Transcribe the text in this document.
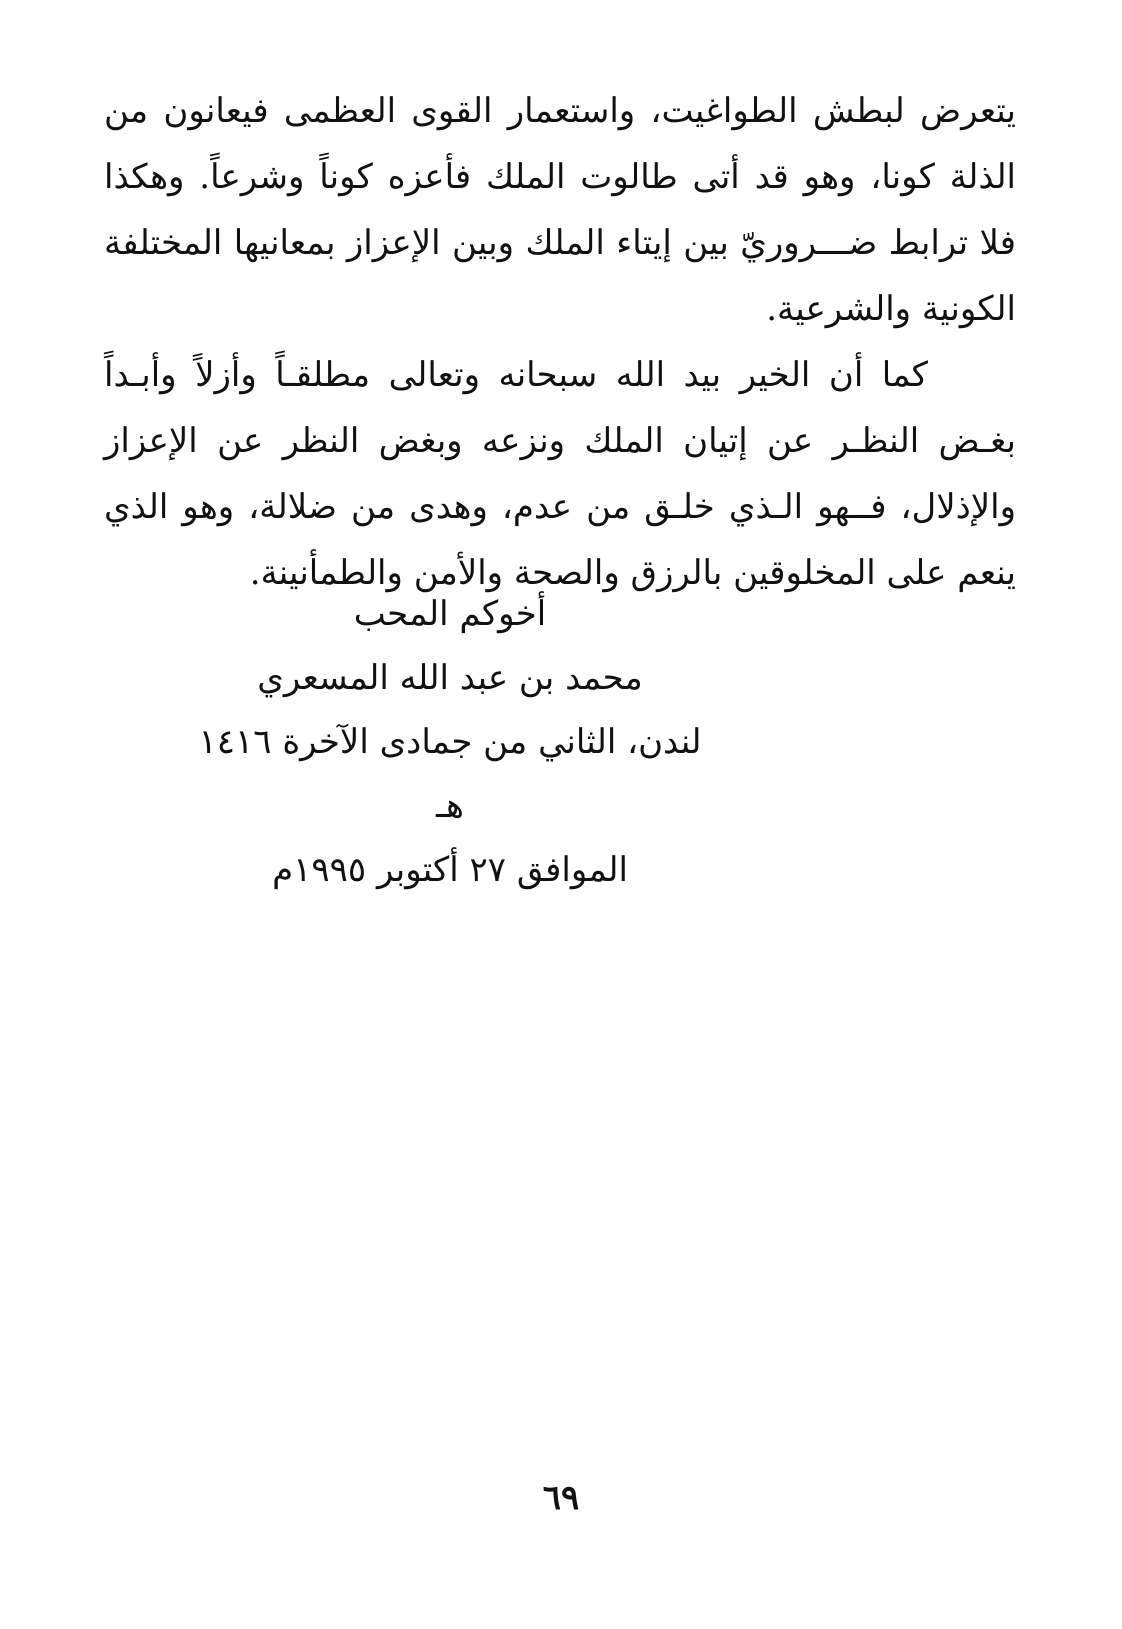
يتعرض لبطش الطواغيت، واستعمار القوى العظمى فيعانون من الذلة كونا، وهو قد أتى طالوت الملك فأعزه كوناً وشرعاً. وهكذا فلا ترابط ضـــروريّ بين إيتاء الملك وبين الإعزاز بمعانيها المختلفة الكونية والشرعية.

كما أن الخير بيد الله سبحانه وتعالى مطلقـاً وأزلاً وأبـداً بغـض النظـر عن إتيان الملك ونزعه وبغض النظر عن الإعزاز والإذلال، فــهو الـذي خلـق من عدم، وهدى من ضلالة، وهو الذي ينعم على المخلوقين بالرزق والصحة والأمن والطمأنينة.

أخوكم المحب
محمد بن عبد الله المسعري
لندن، الثاني من جمادى الآخرة ١٤١٦ هـ
الموافق ٢٧ أكتوبر ١٩٩٥م
٦٩
